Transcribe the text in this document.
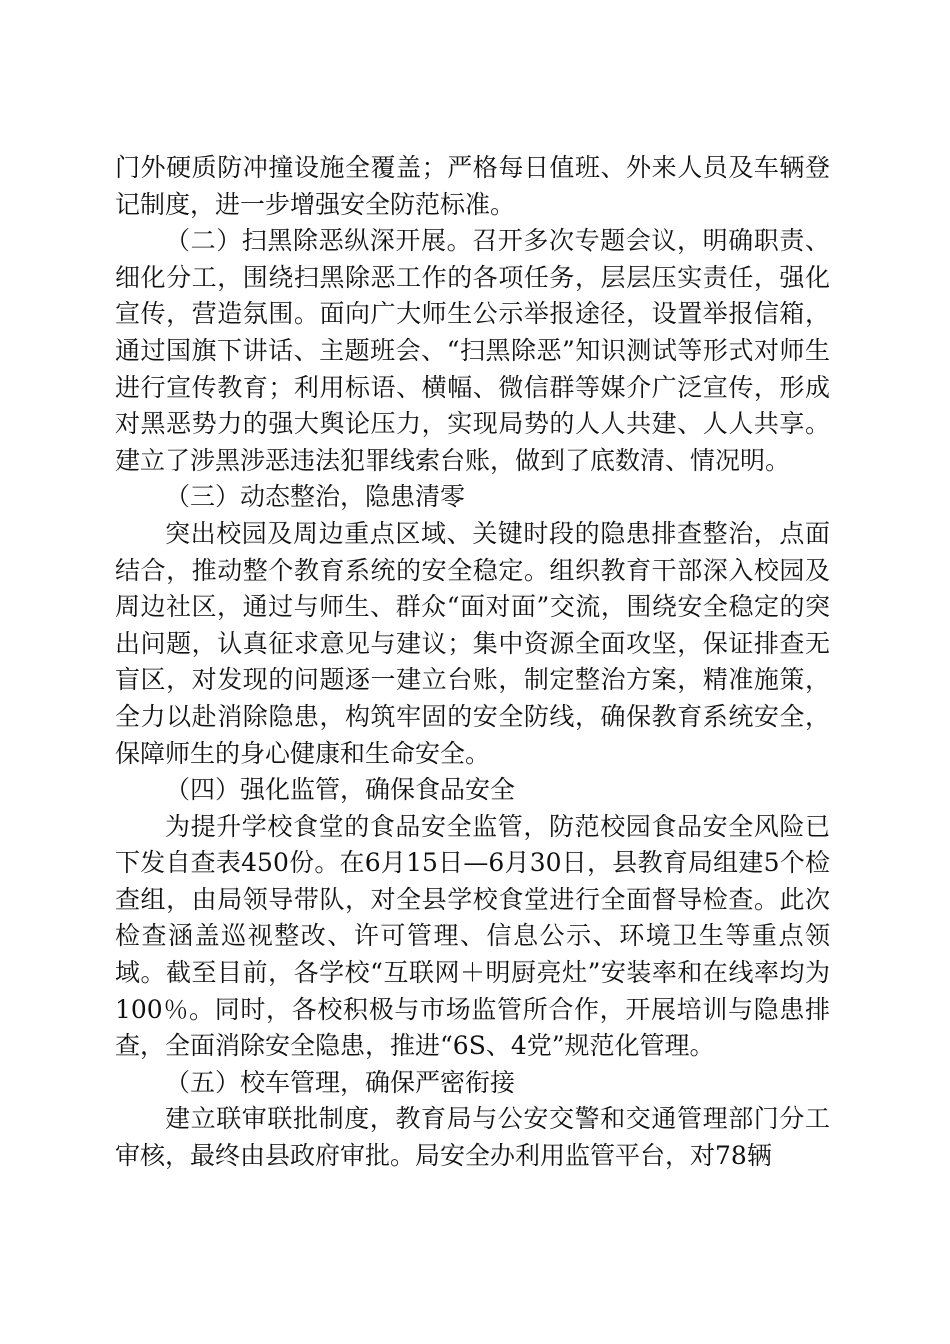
门外硬质防冲撞设施全覆盖；严格每日值班、外来人员及车辆登记制度，进一步增强安全防范标准。

（二）扫黑除恶纵深开展。召开多次专题会议，明确职责、细化分工，围绕扫黑除恶工作的各项任务，层层压实责任，强化宣传，营造氛围。面向广大师生公示举报途径，设置举报信箱，通过国旗下讲话、主题班会、“扫黑除恶”知识测试等形式对师生进行宣传教育；利用标语、横幅、微信群等媒介广泛宣传，形成对黑恶势力的强大舆论压力，实现局势的人人共建、人人共享。建立了涉黑涉恶违法犯罪线索台账，做到了底数清、情况明。

（三）动态整治，隐患清零

突出校园及周边重点区域、关键时段的隐患排查整治，点面结合，推动整个教育系统的安全稳定。组织教育干部深入校园及周边社区，通过与师生、群众“面对面”交流，围绕安全稳定的突出问题，认真征求意见与建议；集中资源全面攻坚，保证排查无盲区，对发现的问题逐一建立台账，制定整治方案，精准施策，全力以赴消除隐患，构筑牢固的安全防线，确保教育系统安全，保障师生的身心健康和生命安全。

（四）强化监管，确保食品安全

为提升学校食堂的食品安全监管，防范校园食品安全风险已下发自查表450份。在6月15日—6月30日，县教育局组建5个检查组，由局领导带队，对全县学校食堂进行全面督导检查。此次检查涵盖巡视整改、许可管理、信息公示、环境卫生等重点领域。截至目前，各学校“互联网＋明厨亮灶”安装率和在线率均为100％。同时，各校积极与市场监管所合作，开展培训与隐患排查，全面消除安全隐患，推进“6S、4党”规范化管理。

（五）校车管理，确保严密衔接

建立联审联批制度，教育局与公安交警和交通管理部门分工审核，最终由县政府审批。局安全办利用监管平台，对78辆
